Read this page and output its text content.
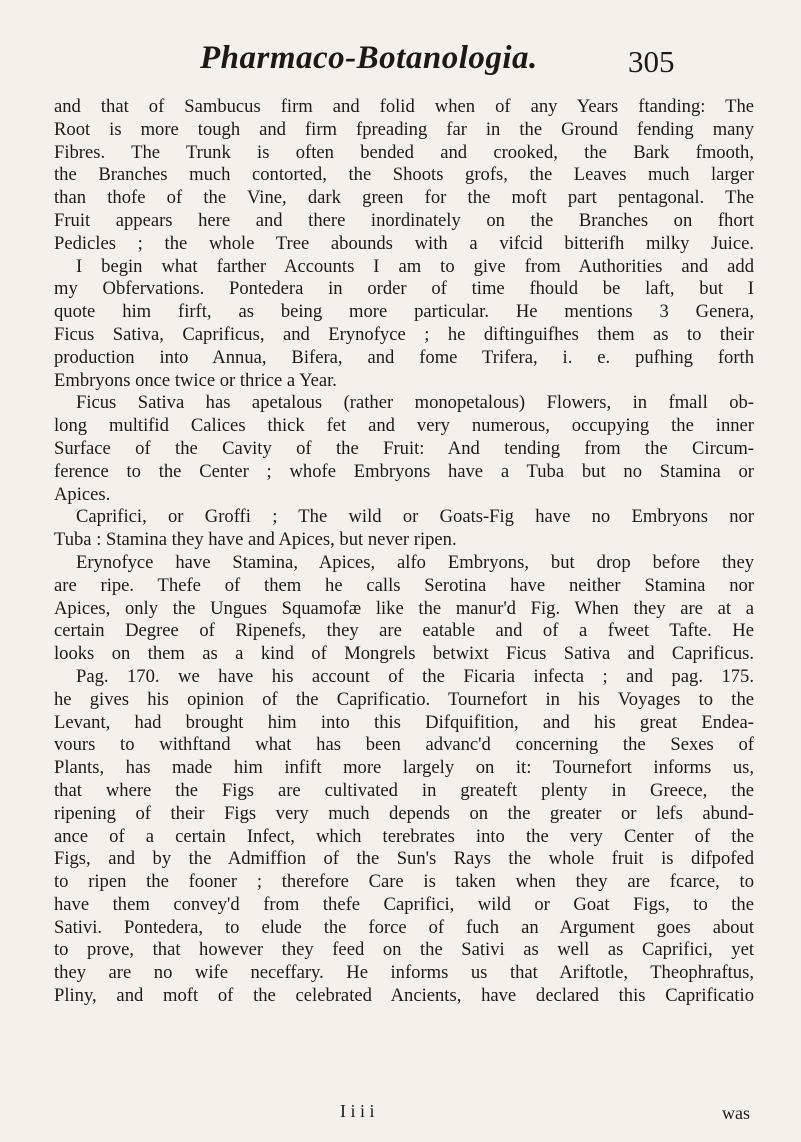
Pharmaco-Botanologia.	305
and that of Sambucus firm and folid when of any Years ftanding: The
Root is more tough and firm fpreading far in the Ground fending many
Fibres. The Trunk is often bended and crooked, the Bark fmooth,
the Branches much contorted, the Shoots grofs, the Leaves much larger
than thofe of the Vine, dark green for the moft part pentagonal. The
Fruit appears here and there inordinately on the Branches on fhort
Pedicles ; the whole Tree abounds with a vifcid bitterifh milky Juice.
I begin what farther Accounts I am to give from Authorities and add
my Obfervations. Pontedera in order of time fhould be laft, but I
quote him firft, as being more particular. He mentions 3 Genera,
Ficus Sativa, Caprificus, and Erynofyce ; he diftinguifhes them as to their
production into Annua, Bifera, and fome Trifera, i. e. pufhing forth
Embryons once twice or thrice a Year.
Ficus Sativa has apetalous (rather monopetalous) Flowers, in fmall ob-
long multifid Calices thick fet and very numerous, occupying the inner
Surface of the Cavity of the Fruit: And tending from the Circum-
ference to the Center ; whofe Embryons have a Tuba but no Stamina or
Apices.
Caprifici, or Groffi ; The wild or Goats-Fig have no Embryons nor
Tuba : Stamina they have and Apices, but never ripen.
Erynofyce have Stamina, Apices, alfo Embryons, but drop before they
are ripe. Thefe of them he calls Serotina have neither Stamina nor
Apices, only the Ungues Squamofæ like the manur'd Fig. When they are at a
certain Degree of Ripenefs, they are eatable and of a fweet Tafte. He
looks on them as a kind of Mongrels betwixt Ficus Sativa and Caprificus.
Pag. 170. we have his account of the Ficaria infecta ; and pag. 175.
he gives his opinion of the Caprificatio. Tournefort in his Voyages to the
Levant, had brought him into this Difquifition, and his great Endea-
vours to withftand what has been advanc'd concerning the Sexes of
Plants, has made him infift more largely on it: Tournefort informs us,
that where the Figs are cultivated in greateft plenty in Greece, the
ripening of their Figs very much depends on the greater or lefs abund-
ance of a certain Infect, which terebrates into the very Center of the
Figs, and by the Admiffion of the Sun's Rays the whole fruit is difpofed
to ripen the fooner ; therefore Care is taken when they are fcarce, to
have them convey'd from thefe Caprifici, wild or Goat Figs, to the
Sativi. Pontedera, to elude the force of fuch an Argument goes about
to prove, that however they feed on the Sativi as well as Caprifici, yet
they are no wife neceffary. He informs us that Ariftotle, Theophraftus,
Pliny, and moft of the celebrated Ancients, have declared this Caprificatio
I i i i	was
